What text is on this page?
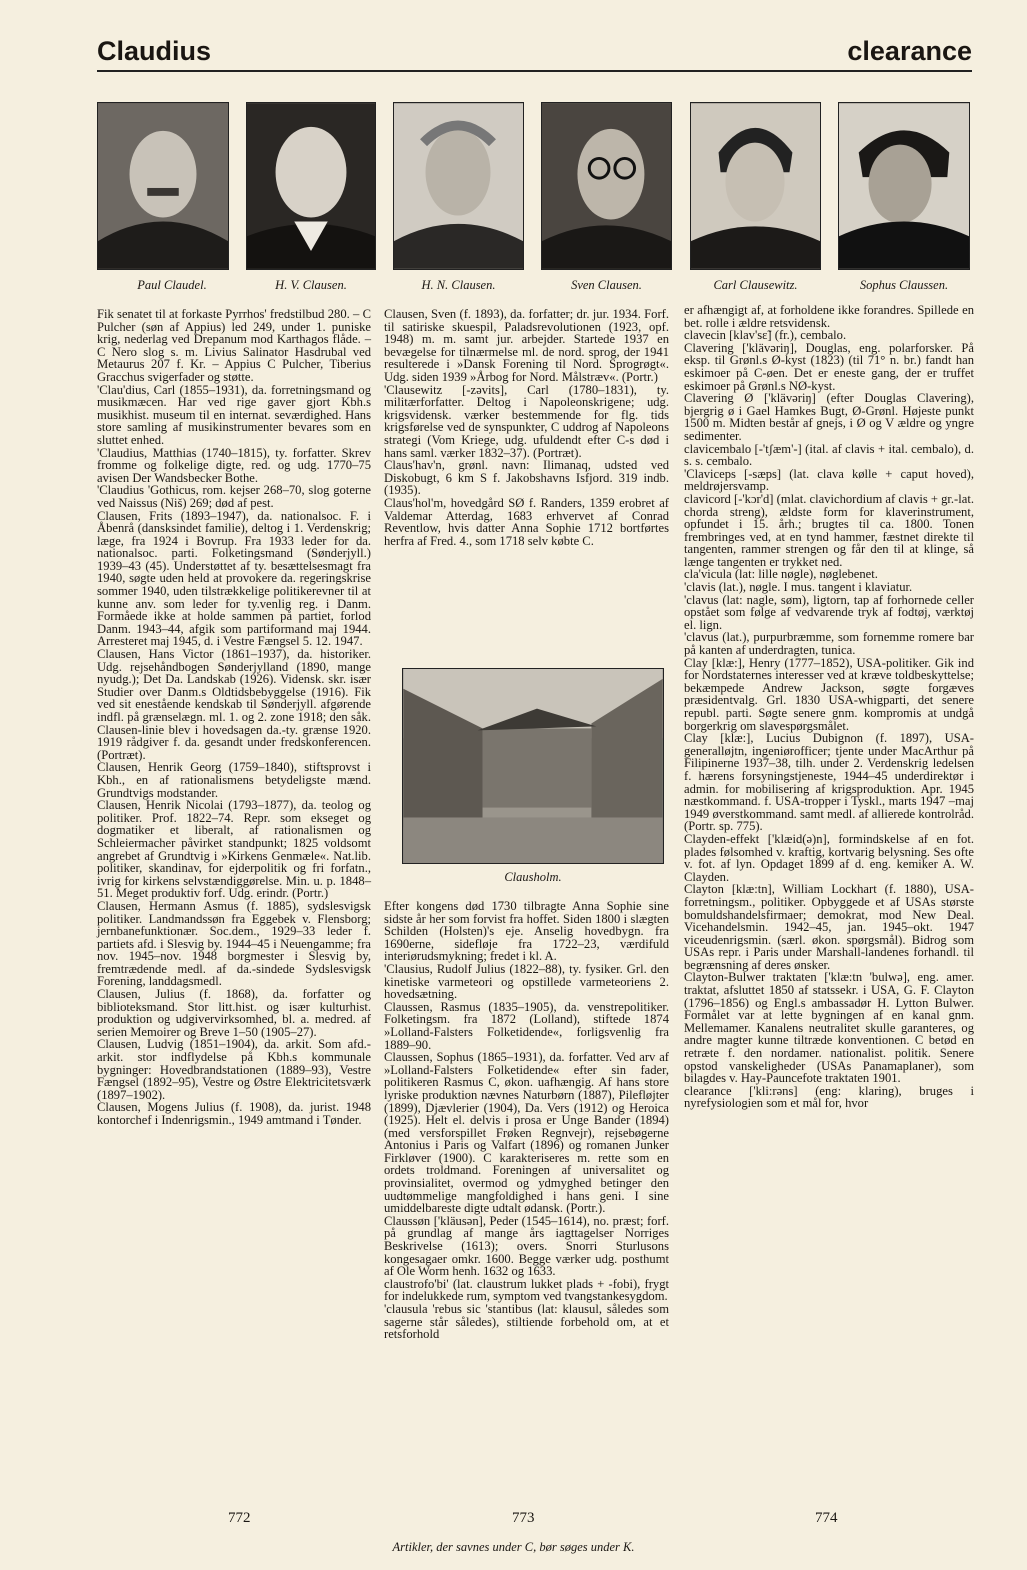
Claudius	clearance
Paul Claudel.	H. V. Clausen.	H. N. Clausen.	Sven Clausen.	Carl Clausewitz.	Sophus Claussen.

Fik senatet til at forkaste Pyrrhos' fredstilbud 280. – C Pulcher (søn af Appius) led 249, under 1. puniske krig, nederlag ved Drepanum mod Karthagos flåde. –C Nero slog s. m. Livius Salinator Hasdrubal ved Metaurus 207 f. Kr. – Appius C Pulcher, Tiberius Gracchus svigerfader og støtte.

'Clau'dius, Carl (1855–1931), da. forretningsmand og musikmæcen. Har ved rige gaver gjort Kbh.s musikhist. museum til en internat. seværdighed. Hans store samling af musikinstrumenter bevares som en sluttet enhed.

'Claudius, Matthias (1740–1815), ty. forfatter. Skrev fromme og folkelige digte, red. og udg. 1770–75 avisen Der Wandsbecker Bothe.

'Claudius 'Gothicus, rom. kejser 268–70, slog goterne ved Naissus (Niš) 269; død af pest.

Clausen, Frits (1893–1947), da. nationalsoc. F. i Åbenrå (dansksindet familie), deltog i 1. Verdenskrig; læge, fra 1924 i Bovrup. Fra 1933 leder for da. nationalsoc. parti. Folketingsmand (Sønderjyll.) 1939–43 (45). Understøttet af ty. besættelsesmagt fra 1940, søgte uden held at provokere da. regeringskrise sommer 1940, uden tilstrækkelige politikerevner til at kunne anv. som leder for ty.venlig reg. i Danm. Formåede ikke at holde sammen på partiet, forlod Danm. 1943–44, afgik som partiformand maj 1944. Arresteret maj 1945, d. i Vestre Fængsel 5. 12. 1947.

Clausen, Hans Victor (1861–1937), da. historiker. Udg. rejsehåndbogen Sønderjylland (1890, mange nyudg.); Det Da. Landskab (1926). Vidensk. skr. især Studier over Danm.s Oldtidsbebyggelse (1916). Fik ved sit enestående kendskab til Sønderjyll. afgørende indfl. på grænselægn. ml. 1. og 2. zone 1918; den såk. Clausen-linie blev i hovedsagen da.-ty. grænse 1920. 1919 rådgiver f. da. gesandt under fredskonferencen. (Portræt).

Clausen, Henrik Georg (1759–1840), stiftsprovst i Kbh., en af rationalismens betydeligste mænd. Grundtvigs modstander.

Clausen, Henrik Nicolai (1793–1877), da. teolog og politiker. Prof. 1822–74. Repr. som ekseget og dogmatiker et liberalt, af rationalismen og Schleiermacher påvirket standpunkt; 1825 voldsomt angrebet af Grundtvig i »Kirkens Genmæle«. Nat.lib. politiker, skandinav, for ejderpolitik og fri forfatn., ivrig for kirkens selvstændiggørelse. Min. u. p. 1848–51. Meget produktiv forf. Udg. erindr. (Portr.)

Clausen, Hermann Asmus (f. 1885), sydslesvigsk politiker. Landmandssøn fra Eggebek v. Flensborg; jernbanefunktionær. Soc.dem., 1929–33 leder f. partiets afd. i Slesvig by. 1944–45 i Neuengamme; fra nov. 1945–nov. 1948 borgmester i Slesvig by, fremtrædende medl. af da.-sindede Sydslesvigsk Forening, landdagsmedl.

Clausen, Julius (f. 1868), da. forfatter og biblioteksmand. Stor litt.hist. og især kulturhist. produktion og udgivervirksomhed, bl. a. medred. af serien Memoirer og Breve 1–50 (1905–27).

Clausen, Ludvig (1851–1904), da. arkit. Som afd.-arkit. stor indflydelse på Kbh.s kommunale bygninger: Hovedbrandstationen (1889–93), Vestre Fængsel (1892–95), Vestre og Østre Elektricitetsværk (1897–1902).

Clausen, Mogens Julius (f. 1908), da. jurist. 1948 kontorchef i Indenrigsmin., 1949 amtmand i Tønder.

Clausen, Sven (f. 1893), da. forfatter; dr. jur. 1934. Forf. til satiriske skuespil, Paladsrevolutionen (1923, opf. 1948) m. m. samt jur. arbejder. Startede 1937 en bevægelse for tilnærmelse ml. de nord. sprog, der 1941 resulterede i »Dansk Forening til Nord. Sprogrøgt«. Udg. siden 1939 »Årbog for Nord. Målstræv«. (Portr.)

'Clausewitz [-zəvits], Carl (1780–1831), ty. militærforfatter. Deltog i Napoleonskrigene; udg. krigsvidensk. værker bestemmende for flg. tids krigsførelse ved de synspunkter, C uddrog af Napoleons strategi (Vom Kriege, udg. ufuldendt efter C-s død i hans saml. værker 1832–37). (Portræt).

Claus'hav'n, grønl. navn: Ilimanaq, udsted ved Diskobugt, 6 km S f. Jakobshavns Isfjord. 319 indb. (1935).

Claus'hol'm, hovedgård SØ f. Randers, 1359 erobret af Valdemar Atterdag, 1683 erhvervet af Conrad Reventlow, hvis datter Anna Sophie 1712 bortførtes herfra af Fred. 4., som 1718 selv købte C.

Clausholm.

Efter kongens død 1730 tilbragte Anna Sophie sine sidste år her som forvist fra hoffet. Siden 1800 i slægten Schilden (Holsten)'s eje. Anselig hovedbygn. fra 1690erne, sidefløje fra 1722–23, værdifuld interiørudsmykning; fredet i kl. A.

'Clausius, Rudolf Julius (1822–88), ty. fysiker. Grl. den kinetiske varmeteori og opstillede varmeteoriens 2. hovedsætning.

Claussen, Rasmus (1835–1905), da. venstrepolitiker. Folketingsm. fra 1872 (Lolland), stiftede 1874 »Lolland-Falsters Folketidende«, forligsvenlig fra 1889–90.

Claussen, Sophus (1865–1931), da. forfatter. Ved arv af »Lolland-Falsters Folketidende« efter sin fader, politikeren Rasmus C, økon. uafhængig. Af hans store lyriske produktion nævnes Naturbørn (1887), Pilefløjter (1899), Djævlerier (1904), Da. Vers (1912) og Heroica (1925). Helt el. delvis i prosa er Unge Bander (1894) (med versforspillet Frøken Regnvejr), rejsebøgerne Antonius i Paris og Valfart (1896) og romanen Junker Firkløver (1900). C karakteriseres m. rette som en ordets troldmand. Foreningen af universalitet og provinsialitet, overmod og ydmyghed betinger den uudtømmelige mangfoldighed i hans geni. I sine umiddelbareste digte udtalt ødansk. (Portr.).

Claussøn ['kläusən], Peder (1545–1614), no. præst; forf. på grundlag af mange års iagttagelser Norriges Beskrivelse (1613); overs. Snorri Sturlusons kongesagaer omkr. 1600. Begge værker udg. posthumt af Ole Worm henh. 1632 og 1633.

claustrofo'bi' (lat. claustrum lukket plads + -fobi), frygt for indelukkede rum, symptom ved tvangstankesygdom.

'clausula 'rebus sic 'stantibus (lat: klausul, således som sagerne står således), stiltiende forbehold om, at et retsforhold

er afhængigt af, at forholdene ikke forandres. Spillede en bet. rolle i ældre retsvidensk.

clavecin [klav'sɛ̃] (fr.), cembalo.

Clavering ['klävəriŋ], Douglas, eng. polarforsker. På eksp. til Grønl.s Ø-kyst (1823) (til 71° n. br.) fandt han eskimoer på C-øen. Det er eneste gang, der er truffet eskimoer på Grønl.s NØ-kyst.

Clavering Ø ['klävəriŋ] (efter Douglas Clavering), bjergrig ø i Gael Hamkes Bugt, Ø-Grønl. Højeste punkt 1500 m. Midten består af gnejs, i Ø og V ældre og yngre sedimenter.

clavicembalo [-'tʃæm'-] (ital. af clavis + ital. cembalo), d. s. s. cembalo.

'Claviceps [-sæps] (lat. clava kølle + caput hoved), meldrøjersvamp.

clavicord [-'kɔr'd] (mlat. clavichordium af clavis + gr.-lat. chorda streng), ældste form for klaverinstrument, opfundet i 15. årh.; brugtes til ca. 1800. Tonen frembringes ved, at en tynd hammer, fæstnet direkte til tangenten, rammer strengen og får den til at klinge, så længe tangenten er trykket ned.

cla'vicula (lat: lille nøgle), nøglebenet.

'clavis (lat.), nøgle. I mus. tangent i klaviatur.

'clavus (lat: nagle, søm), ligtorn, tap af forhornede celler opstået som følge af vedvarende tryk af fodtøj, værktøj el. lign.

'clavus (lat.), purpurbræmme, som fornemme romere bar på kanten af underdragten, tunica.

Clay [klæ:], Henry (1777–1852), USA-politiker. Gik ind for Nordstaternes interesser ved at kræve toldbeskyttelse; bekæmpede Andrew Jackson, søgte forgæves præsidentvalg. Grl. 1830 USA-whigparti, det senere republ. parti. Søgte senere gnm. kompromis at undgå borgerkrig om slavespørgsmålet.

Clay [klæ:], Lucius Dubignon (f. 1897), USA-generalløjtn, ingeniørofficer; tjente under MacArthur på Filipinerne 1937–38, tilh. under 2. Verdenskrig ledelsen f. hærens forsyningstjeneste, 1944–45 underdirektør i admin. for mobilisering af krigsproduktion. Apr. 1945 næstkommand. f. USA-tropper i Tyskl., marts 1947 –maj 1949 øverstkommand. samt medl. af allierede kontrolråd. (Portr. sp. 775).

Clayden-effekt ['klæid(ə)n], formindskelse af en fot. plades følsomhed v. kraftig, kortvarig belysning. Ses ofte v. fot. af lyn. Opdaget 1899 af d. eng. kemiker A. W. Clayden.

Clayton [klæ:tn], William Lockhart (f. 1880), USA-forretningsm., politiker. Opbyggede et af USAs største bomuldshandelsfirmaer; demokrat, mod New Deal. Vicehandelsmin. 1942–45, jan. 1945–okt. 1947 viceudenrigsmin. (særl. økon. spørgsmål). Bidrog som USAs repr. i Paris under Marshall-landenes forhandl. til begrænsning af deres ønsker.

Clayton-Bulwer traktaten ['klæ:tn 'bulwə], eng. amer. traktat, afsluttet 1850 af statssekr. i USA, G. F. Clayton (1796–1856) og Engl.s ambassadør H. Lytton Bulwer. Formålet var at lette bygningen af en kanal gnm. Mellemamer. Kanalens neutralitet skulle garanteres, og andre magter kunne tiltræde konventionen. C betød en retræte f. den nordamer. nationalist. politik. Senere opstod vanskeligheder (USAs Panamaplaner), som bilagdes v. Hay-Pauncefote traktaten 1901.

clearance ['kli:rəns] (eng: klaring), bruges i nyrefysiologien som et mål for, hvor

772	773	774
Artikler, der savnes under C, bør søges under K.
